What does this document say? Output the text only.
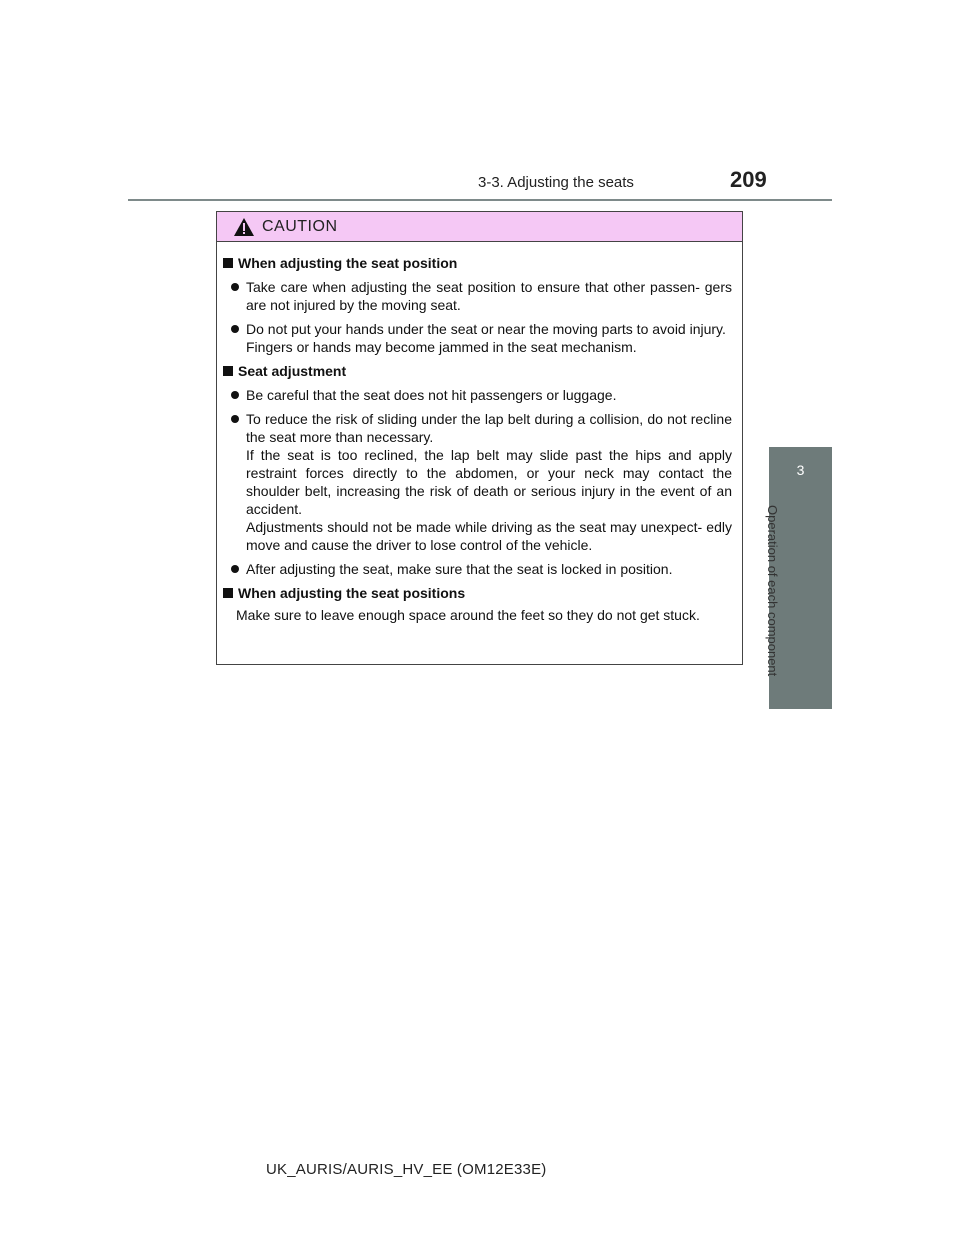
3-3. Adjusting the seats	209
3
Operation of each component
CAUTION
When adjusting the seat position
Take care when adjusting the seat position to ensure that other passen- gers are not injured by the moving seat.
Do not put your hands under the seat or near the moving parts to avoid injury.
Fingers or hands may become jammed in the seat mechanism.
Seat adjustment
Be careful that the seat does not hit passengers or luggage.
To reduce the risk of sliding under the lap belt during a collision, do not recline the seat more than necessary.
If the seat is too reclined, the lap belt may slide past the hips and apply restraint forces directly to the abdomen, or your neck may contact the shoulder belt, increasing the risk of death or serious injury in the event of an accident.
Adjustments should not be made while driving as the seat may unexpect- edly move and cause the driver to lose control of the vehicle.
After adjusting the seat, make sure that the seat is locked in position.
When adjusting the seat positions
Make sure to leave enough space around the feet so they do not get stuck.
UK_AURIS/AURIS_HV_EE (OM12E33E)
